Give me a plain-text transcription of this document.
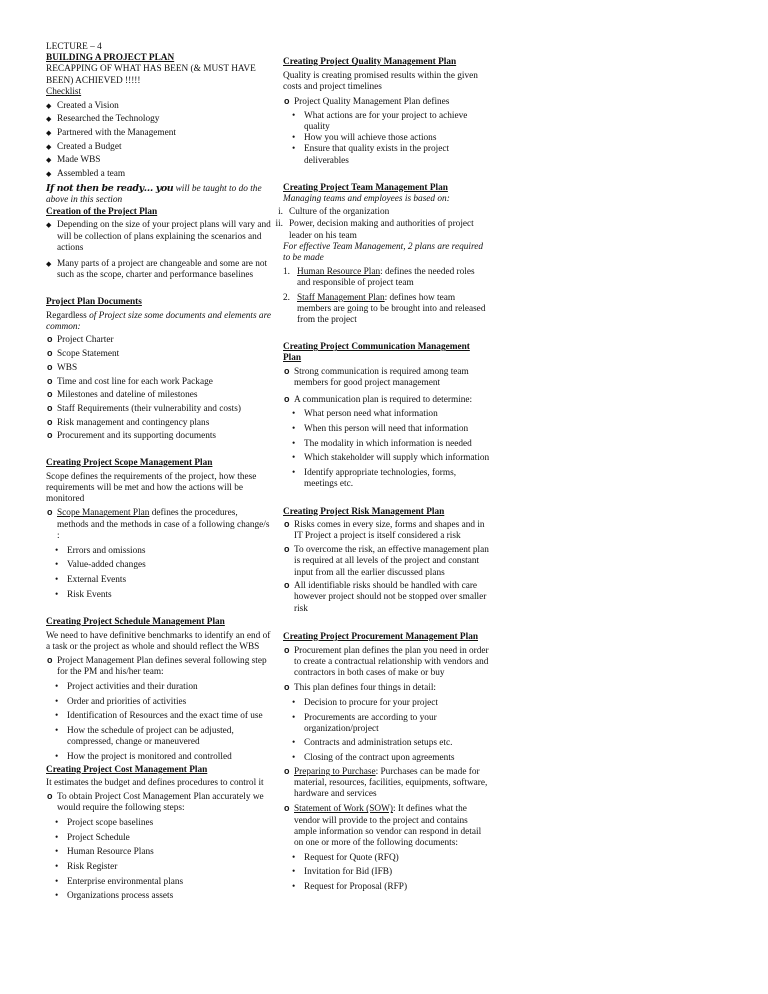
LECTURE – 4

BUILDING A PROJECT PLAN

RECAPPING OF WHAT HAS BEEN (& MUST HAVE BEEN) ACHIEVED !!!!!

Checklist

◆ Created a Vision
◆ Researched the Technology
◆ Partnered with the Management
◆ Created a Budget
◆ Made WBS
◆ Assembled a team

If not then be ready… you will be taught to do the above in this section

Creation of the Project Plan

◆ Depending on the size of your project plans will vary and will be collection of plans explaining the scenarios and actions
◆ Many parts of a project are changeable and some are not such as the scope, charter and performance baselines

Project Plan Documents

Regardless of Project size some documents and elements are common:

o Project Charter
o Scope Statement
o WBS
o Time and cost line for each work Package
o Milestones and dateline of milestones
o Staff Requirements (their vulnerability and costs)
o Risk management and contingency plans
o Procurement and its supporting documents

Creating Project Scope Management Plan

Scope defines the requirements of the project, how these requirements will be met and how the actions will be monitored

o Scope Management Plan defines the procedures, methods and the methods in case of a following change/s :
• Errors and omissions
• Value-added changes
• External Events
• Risk Events

Creating Project Schedule Management Plan

We need to have definitive benchmarks to identify an end of a task or the project as whole and should reflect the WBS

o Project Management Plan defines several following step for the PM and his/her team:
• Project activities and their duration
• Order and priorities of activities
• Identification of Resources and the exact time of use
• How the schedule of project can be adjusted, compressed, change or maneuvered
• How the project is monitored and controlled

Creating Project Cost Management Plan

It estimates the budget and defines procedures to control it

o To obtain Project Cost Management Plan accurately we would require the following steps:
• Project scope baselines
• Project Schedule
• Human Resource Plans
• Risk Register
• Enterprise environmental plans
• Organizations process assets

Creating Project Quality Management Plan

Quality is creating promised results within the given costs and project timelines

o Project Quality Management Plan defines
• What actions are for your project to achieve quality
• How you will achieve those actions
• Ensure that quality exists in the project deliverables

Creating Project Team Management Plan

Managing teams and employees is based on:

i. Culture of the organization
ii. Power, decision making and authorities of project leader on his team

For effective Team Management, 2 plans are required to be made

1. Human Resource Plan: defines the needed roles and responsible of project team
2. Staff Management Plan: defines how team members are going to be brought into and released from the project

Creating Project Communication Management Plan

o Strong communication is required among team members for good project management
o A communication plan is required to determine:
• What person need what information
• When this person will need that information
• The modality in which information is needed
• Which stakeholder will supply which information
• Identify appropriate technologies, forms, meetings etc.

Creating Project Risk Management Plan

o Risks comes in every size, forms and shapes and in IT Project a project is itself considered a risk
o To overcome the risk, an effective management plan is required at all levels of the project and constant input from all the earlier discussed plans
o All identifiable risks should be handled with care however project should not be stopped over smaller risk

Creating Project Procurement Management Plan

o Procurement plan defines the plan you need in order to create a contractual relationship with vendors and contractors in both cases of make or buy
o This plan defines four things in detail:
• Decision to procure for your project
• Procurements are according to your organization/project
• Contracts and administration setups etc.
• Closing of the contract upon agreements
o Preparing to Purchase: Purchases can be made for material, resources, facilities, equipments, software, hardware and services
o Statement of Work (SOW): It defines what the vendor will provide to the project and contains ample information so vendor can respond in detail on one or more of the following documents:
• Request for Quote (RFQ)
• Invitation for Bid (IFB)
• Request for Proposal (RFP)
